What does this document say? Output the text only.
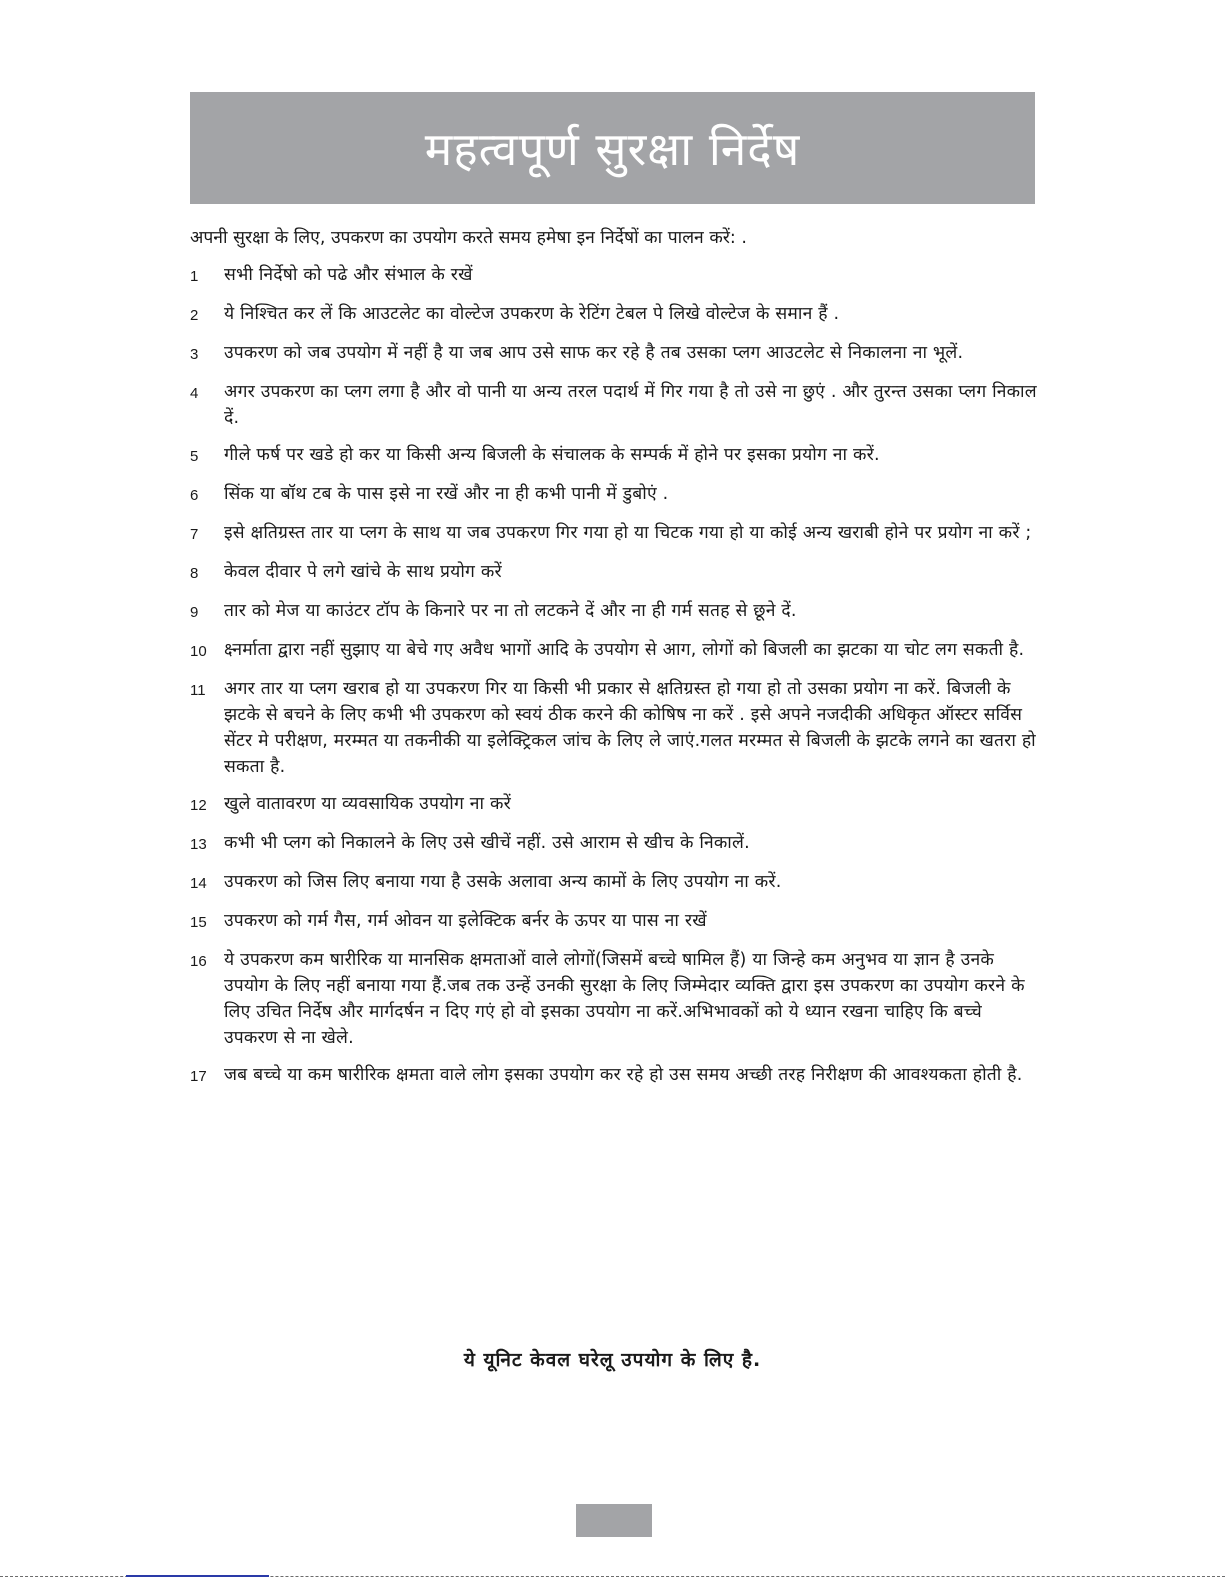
महत्वपूर्ण सुरक्षा निर्देष
अपनी सुरक्षा के लिए, उपकरण का उपयोग करते समय हमेषा इन निर्देषों का पालन करें: .
1	सभी निर्देषो को पढे और संभाल के रखें
2	ये निश्चित कर लें कि आउटलेट का वोल्टेज उपकरण के रेटिंग टेबल पे लिखे वोल्टेज के समान हैं .
3	उपकरण को जब उपयोग में नहीं है या जब आप उसे साफ कर रहे है तब उसका प्लग आउटलेट से निकालना ना भूलें.
4	अगर उपकरण का प्लग लगा है और वो पानी या अन्य तरल पदार्थ में गिर गया है तो उसे ना छुएं . और तुरन्त उसका प्लग निकाल दें.
5	गीले फर्ष पर खडे हो कर या किसी अन्य बिजली के संचालक के सम्पर्क में होने पर इसका प्रयोग ना करें.
6	सिंक या बॉथ टब के पास इसे ना रखें और ना ही कभी पानी में डुबोएं .
7	इसे क्षतिग्रस्त तार या प्लग के साथ या जब उपकरण गिर गया हो या चिटक गया हो या कोई अन्य खराबी होने पर प्रयोग ना करें ;
8	केवल दीवार पे लगे खांचे के साथ प्रयोग करें
9	तार को मेज या काउंटर टॉप के किनारे पर ना तो लटकने दें और ना ही गर्म सतह से छूने दें.
10 क्ष्नर्माता द्वारा नहीं सुझाए या बेचे गए अवैध भागों आदि के उपयोग से आग, लोगों को बिजली का झटका या चोट लग सकती है.
11	अगर तार या प्लग खराब हो या उपकरण गिर या किसी भी प्रकार से क्षतिग्रस्त हो गया हो तो उसका प्रयोग ना करें. बिजली के झटके से बचने के लिए कभी भी उपकरण को स्वयं ठीक करने की कोषिष ना करें . इसे अपने नजदीकी अधिकृत ऑस्टर सर्विस सेंटर मे परीक्षण, मरम्मत या तकनीकी या इलेक्ट्रिकल जांच के लिए ले जाएं.गलत मरम्मत से बिजली के झटके लगने का खतरा हो सकता है.
12 खुले वातावरण या व्यवसायिक उपयोग ना करें
13 कभी भी प्लग को निकालने के लिए उसे खीचें नहीं. उसे आराम से खीच के निकालें.
14 उपकरण को जिस लिए बनाया गया है उसके अलावा अन्य कामों के लिए उपयोग ना करें.
15 उपकरण को गर्म गैस, गर्म ओवन या इलेक्टिक बर्नर के ऊपर या पास ना रखें
16 ये उपकरण कम षारीरिक या मानसिक क्षमताओं वाले लोगों(जिसमें बच्चे षामिल हैं) या जिन्हे कम अनुभव या ज्ञान है उनके उपयोग के लिए नहीं बनाया गया हैं.जब तक उन्हें उनकी सुरक्षा के लिए जिम्मेदार व्यक्ति द्वारा इस उपकरण का उपयोग करने के लिए उचित निर्देष और मार्गदर्षन न दिए गएं हो वो इसका उपयोग ना करें.अभिभावकों को ये ध्यान रखना चाहिए कि बच्चे उपकरण से ना खेले.
17 जब बच्चे या कम षारीरिक क्षमता वाले लोग इसका उपयोग कर रहे हो उस समय अच्छी तरह निरीक्षण की आवश्यकता होती है.
ये यूनिट केवल घरेलू उपयोग के लिए है.
